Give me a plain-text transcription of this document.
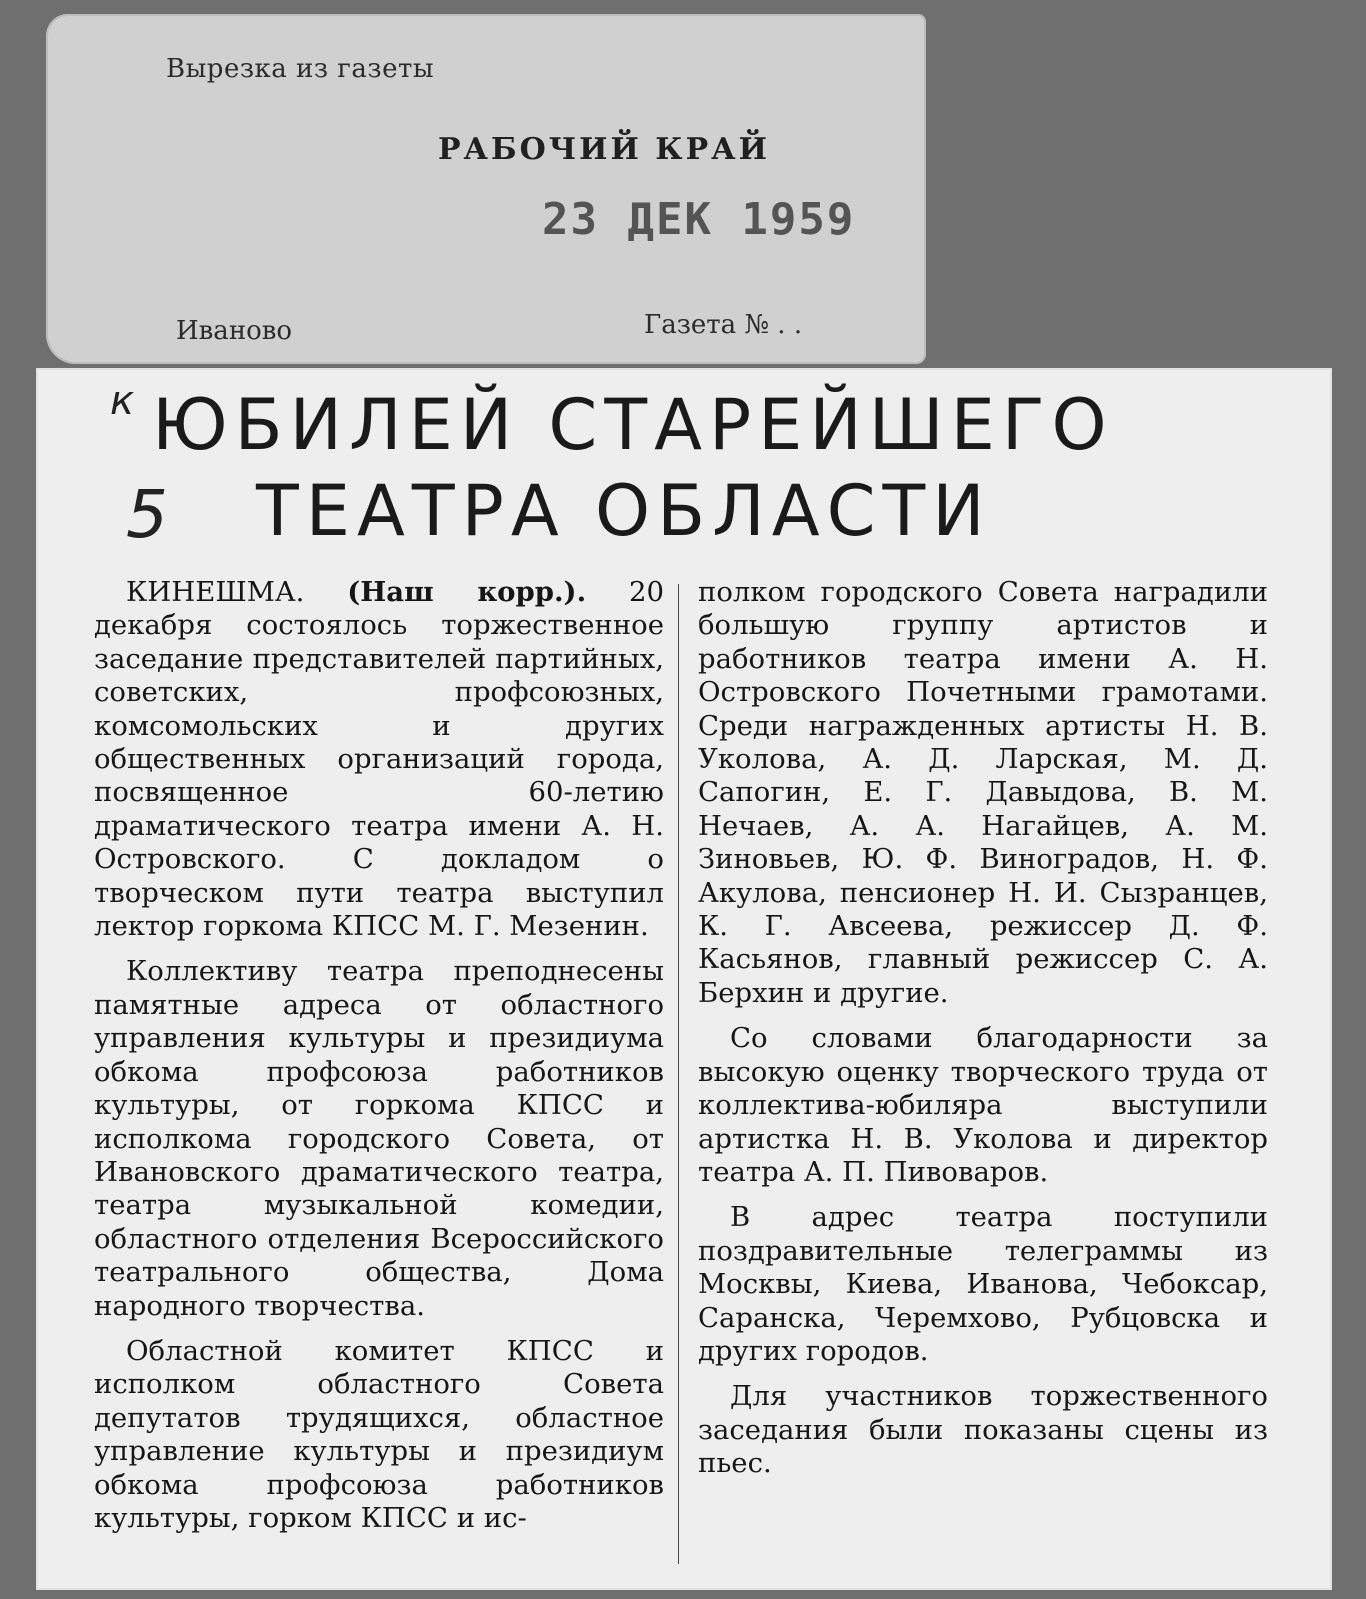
Вырезка из газеты
РАБОЧИЙ КРАЙ
23 ДЕК 1959
Иваново	Газета № . .
к
5
ЮБИЛЕЙ СТАРЕЙШЕГО
ТЕАТРА ОБЛАСТИ

КИНЕШМА. (Наш корр.). 20 декабря состоялось торжественное заседание представителей партийных, советских, профсоюзных, комсомольских и других общественных организаций города, посвященное 60-летию драматического театра имени А. Н. Островского. С докладом о творческом пути театра выступил лектор горкома КПСС М. Г. Мезенин.

Коллективу театра преподнесены памятные адреса от областного управления культуры и президиума обкома профсоюза работников культуры, от горкома КПСС и исполкома городского Совета, от Ивановского драматического театра, театра музыкальной комедии, областного отделения Всероссийского театрального общества, Дома народного творчества.

Областной комитет КПСС и исполком областного Совета депутатов трудящихся, областное управление культуры и президиум обкома профсоюза работников культуры, горком КПСС и ис-

полком городского Совета наградили большую группу артистов и работников театра имени А. Н. Островского Почетными грамотами. Среди награжденных артисты Н. В. Уколова, А. Д. Ларская, М. Д. Сапогин, Е. Г. Давыдова, В. М. Нечаев, А. А. Нагайцев, А. М. Зиновьев, Ю. Ф. Виноградов, Н. Ф. Акулова, пенсионер Н. И. Сызранцев, К. Г. Авсеева, режиссер Д. Ф. Касьянов, главный режиссер С. А. Берхин и другие.

Со словами благодарности за высокую оценку творческого труда от коллектива-юбиляра выступили артистка Н. В. Уколова и директор театра А. П. Пивоваров.

В адрес театра поступили поздравительные телеграммы из Москвы, Киева, Иванова, Чебоксар, Саранска, Черемхово, Рубцовска и других городов.

Для участников торжественного заседания были показаны сцены из пьес.
